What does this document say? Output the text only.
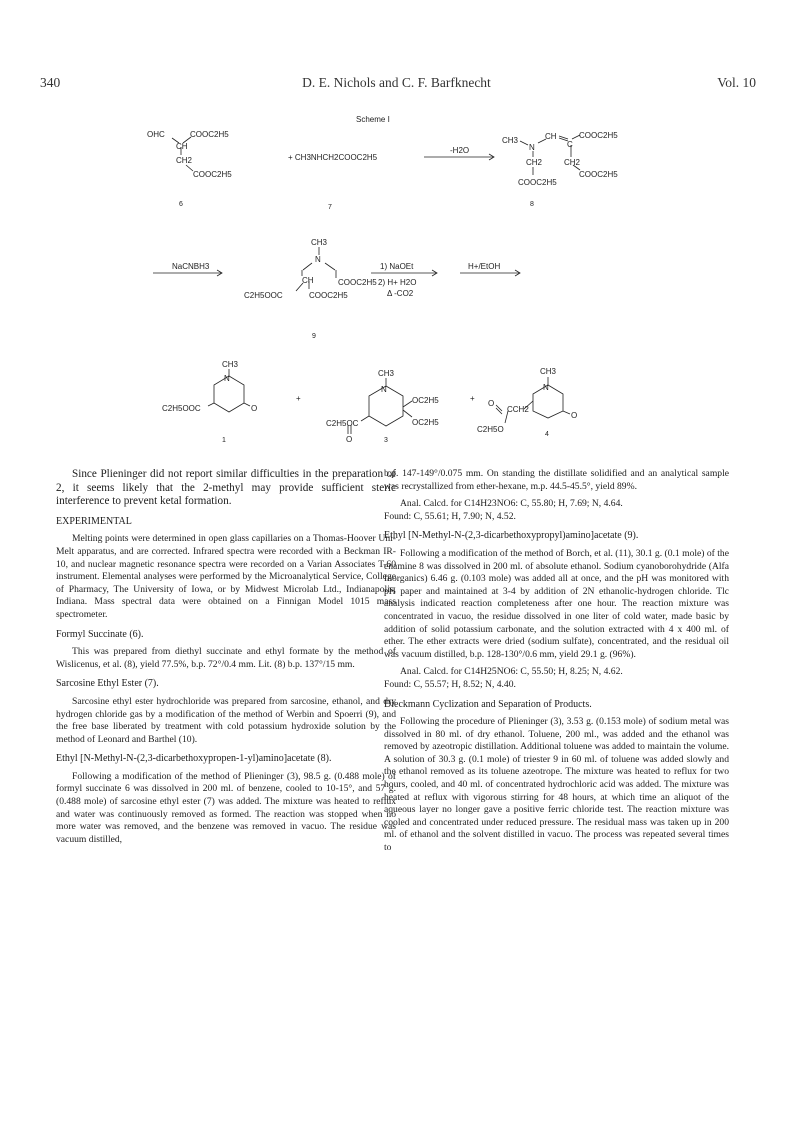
340	D. E. Nichols and C. F. Barfknecht	Vol. 10
Scheme I
OHC
CH
COOC2H5
CH2
COOC2H5
6
+ CH3NHCH2COOC2H5
7
-H2O
CH3
N
CH
C
COOC2H5
CH2	CH2
COOC2H5
COOC2H5
8
NaCNBH3
CH3
N
CH	COOC2H5
C2H5OOC	COOC2H5
9
1) NaOEt
2) H+ H2O
Δ -CO2
H+/EtOH
CH3
N
O
C2H5OOC
1
+
CH3
N
OC2H5
OC2H5
C2H5OC
O	3
+
CH3
N
O
O
CCH2
C2H5O
4

Since Plieninger did not report similar difficulties in the preparation of 2, it seems likely that the 2-methyl may provide sufficient steric interference to prevent ketal formation.

EXPERIMENTAL

Melting points were determined in open glass capillaries on a Thomas-Hoover Uni-Melt apparatus, and are corrected. Infrared spectra were recorded with a Beckman IR-10, and nuclear magnetic resonance spectra were recorded on a Varian Associates T-60 instrument. Elemental analyses were performed by the Microanalytical Service, College of Pharmacy, The University of Iowa, or by Midwest Microlab Ltd., Indianapolis, Indiana. Mass spectral data were obtained on a Finnigan Model 1015 mass spectrometer.

Formyl Succinate (6).

This was prepared from diethyl succinate and ethyl formate by the method of Wislicenus, et al. (8), yield 77.5%, b.p. 72°/0.4 mm. Lit. (8) b.p. 137°/15 mm.

Sarcosine Ethyl Ester (7).

Sarcosine ethyl ester hydrochloride was prepared from sarcosine, ethanol, and dry hydrogen chloride gas by a modification of the method of Werbin and Spoerri (9), and the free base liberated by treatment with cold potassium hydroxide solution by the method of Leonard and Barthel (10).

Ethyl [N-Methyl-N-(2,3-dicarbethoxypropen-1-yl)amino]acetate (8).

Following a modification of the method of Plieninger (3), 98.5 g. (0.488 mole) of formyl succinate 6 was dissolved in 200 ml. of benzene, cooled to 10-15°, and 57 g. (0.488 mole) of sarcosine ethyl ester (7) was added. The mixture was heated to reflux and water was continuously removed as formed. The reaction was stopped when no more water was removed, and the benzene was removed in vacuo. The residue was vacuum distilled,

b.p. 147-149°/0.075 mm. On standing the distillate solidified and an analytical sample was recrystallized from ether-hexane, m.p. 44.5-45.5°, yield 89%.

Anal. Calcd. for C14H23NO6: C, 55.80; H, 7.69; N, 4.64.

Found: C, 55.61; H, 7.90; N, 4.52.

Ethyl [N-Methyl-N-(2,3-dicarbethoxypropyl)amino]acetate (9).

Following a modification of the method of Borch, et al. (11), 30.1 g. (0.1 mole) of the enamine 8 was dissolved in 200 ml. of absolute ethanol. Sodium cyanoborohydride (Alfa Inorganics) 6.46 g. (0.103 mole) was added all at once, and the pH was monitored with pH paper and maintained at 3-4 by addition of 2N ethanolic-hydrogen chloride. Tlc analysis indicated reaction completeness after one hour. The reaction mixture was concentrated in vacuo, the residue dissolved in one liter of cold water, made basic by addition of solid potassium carbonate, and the solution extracted with 4 x 400 ml. of ether. The ether extracts were dried (sodium sulfate), concentrated, and the residual oil was vacuum distilled, b.p. 128-130°/0.6 mm, yield 29.1 g. (96%).

Anal. Calcd. for C14H25NO6: C, 55.50; H, 8.25; N, 4.62.

Found: C, 55.57; H, 8.52; N, 4.40.

Dieckmann Cyclization and Separation of Products.

Following the procedure of Plieninger (3), 3.53 g. (0.153 mole) of sodium metal was dissolved in 80 ml. of dry ethanol. Toluene, 200 ml., was added and the ethanol was removed by azeotropic distillation. Additional toluene was added to maintain the volume. A solution of 30.3 g. (0.1 mole) of triester 9 in 60 ml. of toluene was added slowly and the ethanol removed as its toluene azeotrope. The mixture was heated to reflux for two hours, cooled, and 40 ml. of concentrated hydrochloric acid was added. The mixture was heated at reflux with vigorous stirring for 48 hours, at which time an aliquot of the aqueous layer no longer gave a positive ferric chloride test. The reaction mixture was cooled and concentrated under reduced pressure. The residual mass was taken up in 200 ml. of ethanol and the solvent distilled in vacuo. The process was repeated several times to
